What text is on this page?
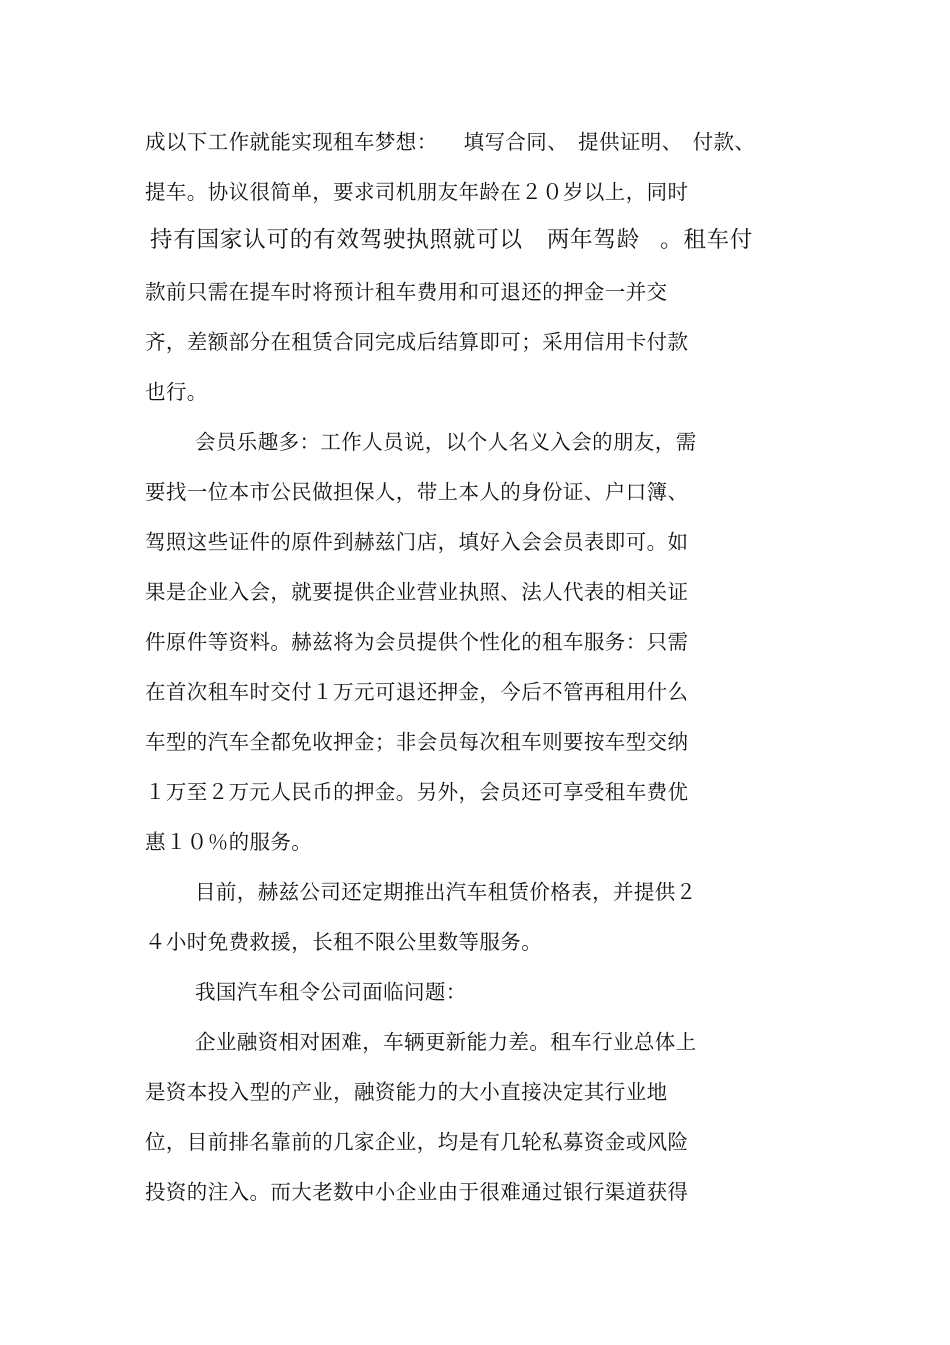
成以下工作就能实现租车梦想： 填写合同、 提供证明、 付款、
提车。协议很简单，要求司机朋友年龄在２０岁以上，同时
持有国家认可的有效驾驶执照就可以 两年驾龄 。租车付
款前只需在提车时将预计租车费用和可退还的押金一并交
齐，差额部分在租赁合同完成后结算即可；采用信用卡付款
也行。
会员乐趣多：工作人员说，以个人名义入会的朋友，需
要找一位本市公民做担保人，带上本人的身份证、户口簿、
驾照这些证件的原件到赫兹门店，填好入会会员表即可。如
果是企业入会，就要提供企业营业执照、法人代表的相关证
件原件等资料。赫兹将为会员提供个性化的租车服务：只需
在首次租车时交付１万元可退还押金，今后不管再租用什么
车型的汽车全都免收押金；非会员每次租车则要按车型交纳
１万至２万元人民币的押金。另外，会员还可享受租车费优
惠１０％的服务。
目前，赫兹公司还定期推出汽车租赁价格表，并提供２
４小时免费救援，长租不限公里数等服务。
我国汽车租令公司面临问题：
企业融资相对困难，车辆更新能力差。租车行业总体上
是资本投入型的产业，融资能力的大小直接决定其行业地
位，目前排名靠前的几家企业，均是有几轮私募资金或风险
投资的注入。而大老数中小企业由于很难通过银行渠道获得
